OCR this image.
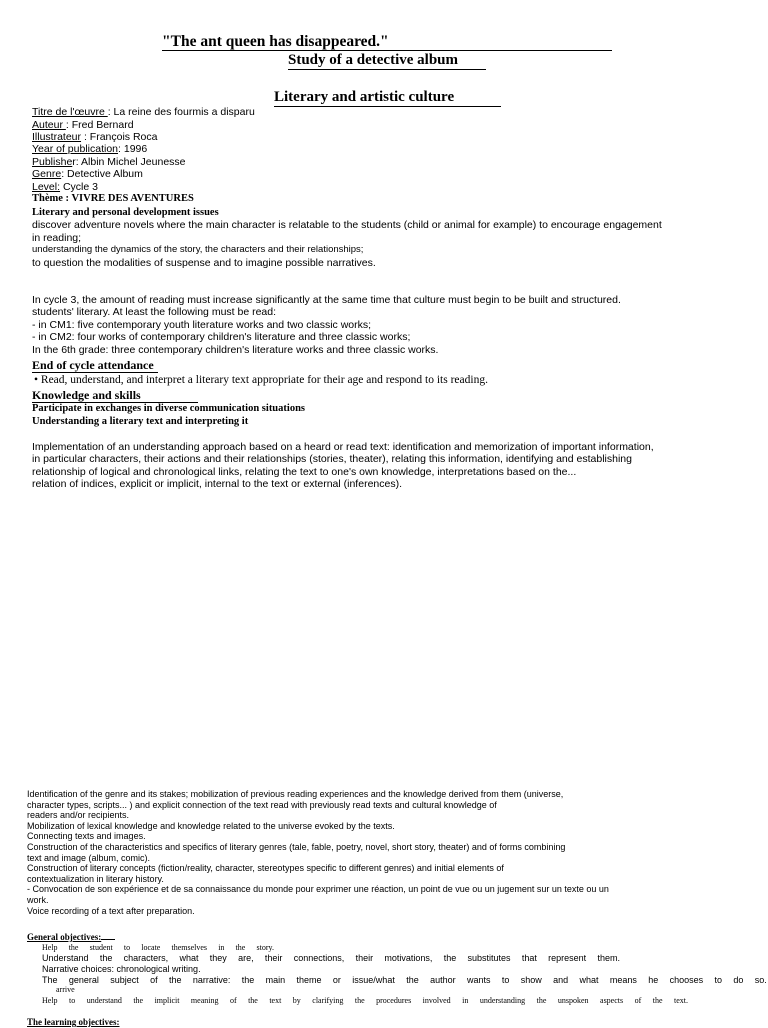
"The ant queen has disappeared."
Study of a detective album
Literary and artistic culture
Titre de l'œuvre : La reine des fourmis a disparu
Auteur : Fred Bernard
Illustrateur : François Roca
Year of publication: 1996
Publisher: Albin Michel Jeunesse
Genre: Detective Album
Level: Cycle 3
Thème : VIVRE DES AVENTURES
Literary and personal development issues
discover adventure novels where the main character is relatable to the students (child or animal for example) to encourage engagement
in reading;
understanding the dynamics of the story, the characters and their relationships;
to question the modalities of suspense and to imagine possible narratives.
In cycle 3, the amount of reading must increase significantly at the same time that culture must begin to be built and structured.
students' literary. At least the following must be read:
- in CM1: five contemporary youth literature works and two classic works;
- in CM2: four works of contemporary children's literature and three classic works;
In the 6th grade: three contemporary children's literature works and three classic works.
End of cycle attendance
• Read, understand, and interpret a literary text appropriate for their age and respond to its reading.
Knowledge and skills
Participate in exchanges in diverse communication situations
Understanding a literary text and interpreting it
Implementation of an understanding approach based on a heard or read text: identification and memorization of important information,
in particular characters, their actions and their relationships (stories, theater), relating this information, identifying and establishing
relationship of logical and chronological links, relating the text to one's own knowledge, interpretations based on the...
relation of indices, explicit or implicit, internal to the text or external (inferences).
Identification of the genre and its stakes; mobilization of previous reading experiences and the knowledge derived from them (universe,
character types, scripts... ) and explicit connection of the text read with previously read texts and cultural knowledge of
readers and/or recipients.
Mobilization of lexical knowledge and knowledge related to the universe evoked by the texts.
Connecting texts and images.
Construction of the characteristics and specifics of literary genres (tale, fable, poetry, novel, short story, theater) and of forms combining
text and image (album, comic).
Construction of literary concepts (fiction/reality, character, stereotypes specific to different genres) and initial elements of
contextualization in literary history.
- Convocation de son expérience et de sa connaissance du monde pour exprimer une réaction, un point de vue ou un jugement sur un texte ou un
work.
Voice recording of a text after preparation.
General objectives:
Help the student to locate themselves in the story.
Understand the characters, what they are, their connections, their motivations, the substitutes that represent them.
Narrative choices: chronological writing.
The general subject of the narrative: the main theme or issue/what the author wants to show and what means he chooses to do so.
arrive
Help to understand the implicit meaning of the text by clarifying the procedures involved in understanding the unspoken aspects of the text.
The learning objectives:
